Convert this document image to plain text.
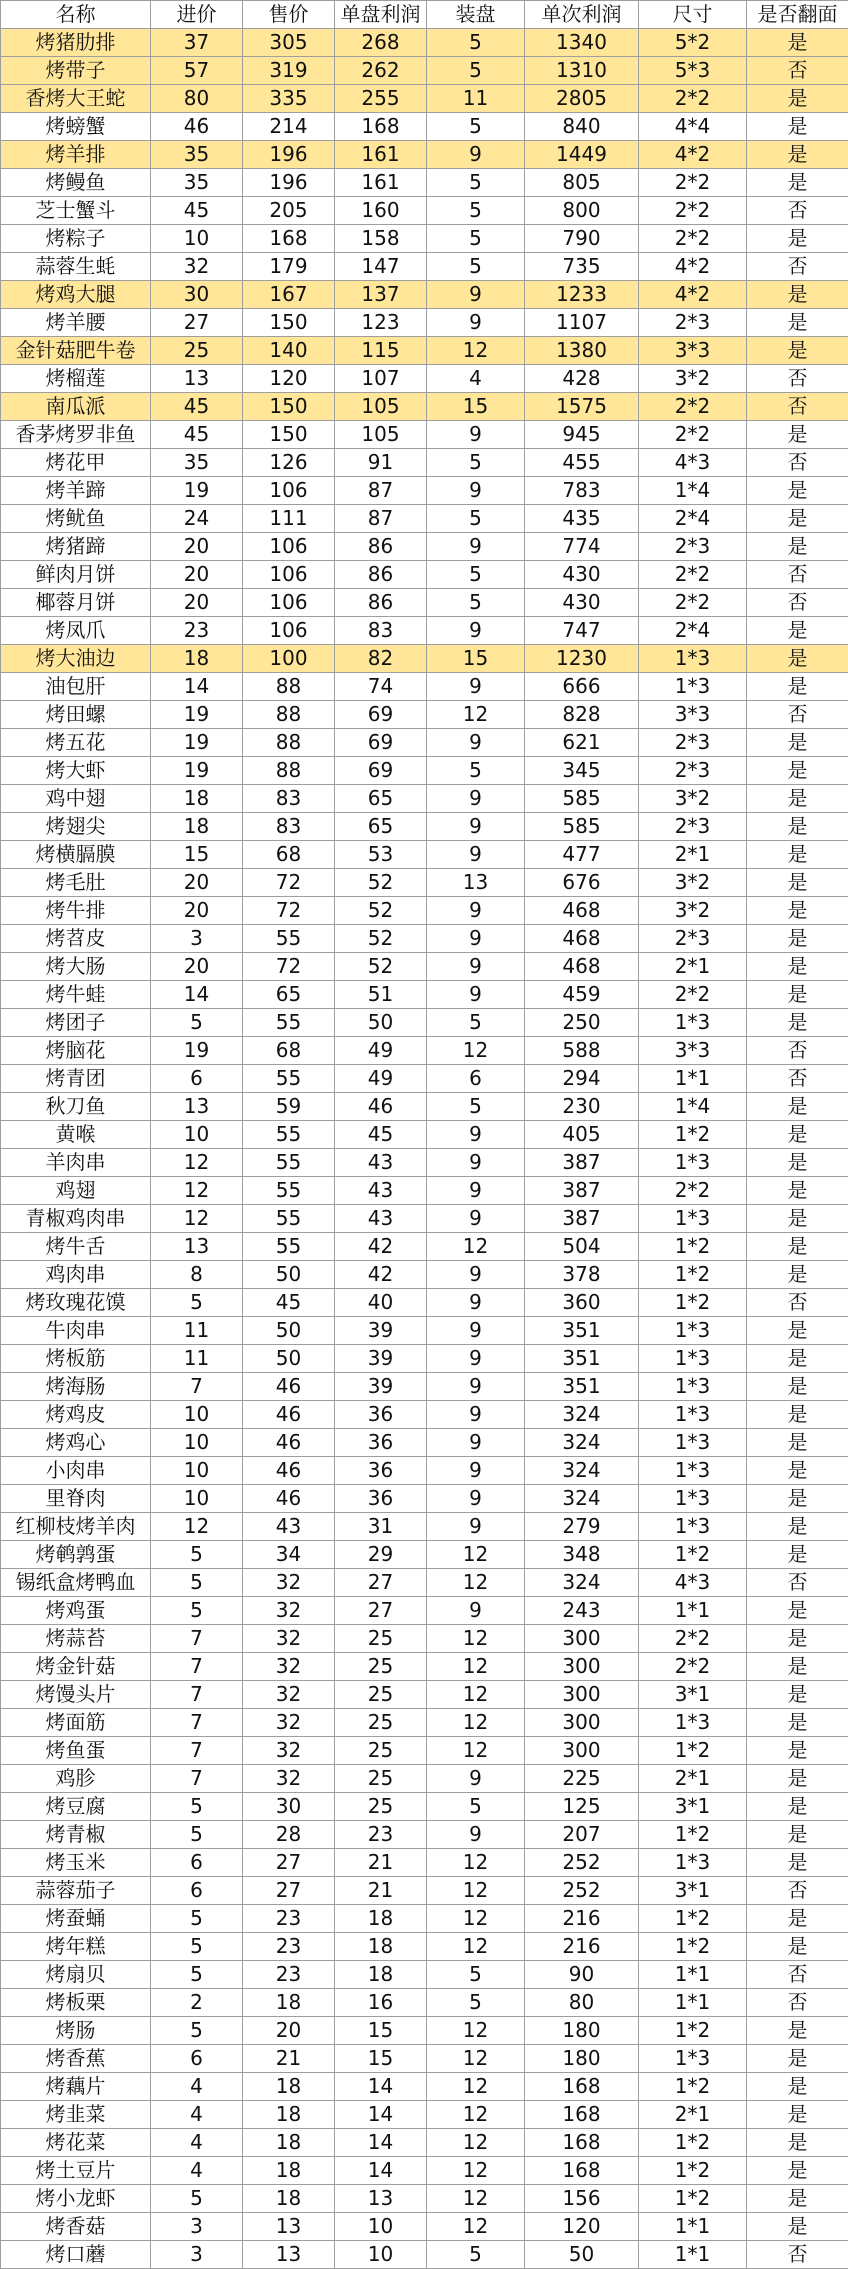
名称	进价	售价	单盘利润	装盘	单次利润	尺寸	是否翻面
烤猪肋排	37	305	268	5	1340	5*2	是
烤带子	57	319	262	5	1310	5*3	否
香烤大王蛇	80	335	255	11	2805	2*2	是
烤螃蟹	46	214	168	5	840	4*4	是
烤羊排	35	196	161	9	1449	4*2	是
烤鳗鱼	35	196	161	5	805	2*2	是
芝士蟹斗	45	205	160	5	800	2*2	否
烤粽子	10	168	158	5	790	2*2	是
蒜蓉生蚝	32	179	147	5	735	4*2	否
烤鸡大腿	30	167	137	9	1233	4*2	是
烤羊腰	27	150	123	9	1107	2*3	是
金针菇肥牛卷	25	140	115	12	1380	3*3	是
烤榴莲	13	120	107	4	428	3*2	否
南瓜派	45	150	105	15	1575	2*2	否
香茅烤罗非鱼	45	150	105	9	945	2*2	是
烤花甲	35	126	91	5	455	4*3	否
烤羊蹄	19	106	87	9	783	1*4	是
烤鱿鱼	24	111	87	5	435	2*4	是
烤猪蹄	20	106	86	9	774	2*3	是
鲜肉月饼	20	106	86	5	430	2*2	否
椰蓉月饼	20	106	86	5	430	2*2	否
烤凤爪	23	106	83	9	747	2*4	是
烤大油边	18	100	82	15	1230	1*3	是
油包肝	14	88	74	9	666	1*3	是
烤田螺	19	88	69	12	828	3*3	否
烤五花	19	88	69	9	621	2*3	是
烤大虾	19	88	69	5	345	2*3	是
鸡中翅	18	83	65	9	585	3*2	是
烤翅尖	18	83	65	9	585	2*3	是
烤横膈膜	15	68	53	9	477	2*1	是
烤毛肚	20	72	52	13	676	3*2	是
烤牛排	20	72	52	9	468	3*2	是
烤苕皮	3	55	52	9	468	2*3	是
烤大肠	20	72	52	9	468	2*1	是
烤牛蛙	14	65	51	9	459	2*2	是
烤团子	5	55	50	5	250	1*3	是
烤脑花	19	68	49	12	588	3*3	否
烤青团	6	55	49	6	294	1*1	否
秋刀鱼	13	59	46	5	230	1*4	是
黄喉	10	55	45	9	405	1*2	是
羊肉串	12	55	43	9	387	1*3	是
鸡翅	12	55	43	9	387	2*2	是
青椒鸡肉串	12	55	43	9	387	1*3	是
烤牛舌	13	55	42	12	504	1*2	是
鸡肉串	8	50	42	9	378	1*2	是
烤玫瑰花馍	5	45	40	9	360	1*2	否
牛肉串	11	50	39	9	351	1*3	是
烤板筋	11	50	39	9	351	1*3	是
烤海肠	7	46	39	9	351	1*3	是
烤鸡皮	10	46	36	9	324	1*3	是
烤鸡心	10	46	36	9	324	1*3	是
小肉串	10	46	36	9	324	1*3	是
里脊肉	10	46	36	9	324	1*3	是
红柳枝烤羊肉	12	43	31	9	279	1*3	是
烤鹌鹑蛋	5	34	29	12	348	1*2	是
锡纸盒烤鸭血	5	32	27	12	324	4*3	否
烤鸡蛋	5	32	27	9	243	1*1	是
烤蒜苔	7	32	25	12	300	2*2	是
烤金针菇	7	32	25	12	300	2*2	是
烤馒头片	7	32	25	12	300	3*1	是
烤面筋	7	32	25	12	300	1*3	是
烤鱼蛋	7	32	25	12	300	1*2	是
鸡胗	7	32	25	9	225	2*1	是
烤豆腐	5	30	25	5	125	3*1	是
烤青椒	5	28	23	9	207	1*2	是
烤玉米	6	27	21	12	252	1*3	是
蒜蓉茄子	6	27	21	12	252	3*1	否
烤蚕蛹	5	23	18	12	216	1*2	是
烤年糕	5	23	18	12	216	1*2	是
烤扇贝	5	23	18	5	90	1*1	否
烤板栗	2	18	16	5	80	1*1	否
烤肠	5	20	15	12	180	1*2	是
烤香蕉	6	21	15	12	180	1*3	是
烤藕片	4	18	14	12	168	1*2	是
烤韭菜	4	18	14	12	168	2*1	是
烤花菜	4	18	14	12	168	1*2	是
烤土豆片	4	18	14	12	168	1*2	是
烤小龙虾	5	18	13	12	156	1*2	是
烤香菇	3	13	10	12	120	1*1	是
烤口蘑	3	13	10	5	50	1*1	否
